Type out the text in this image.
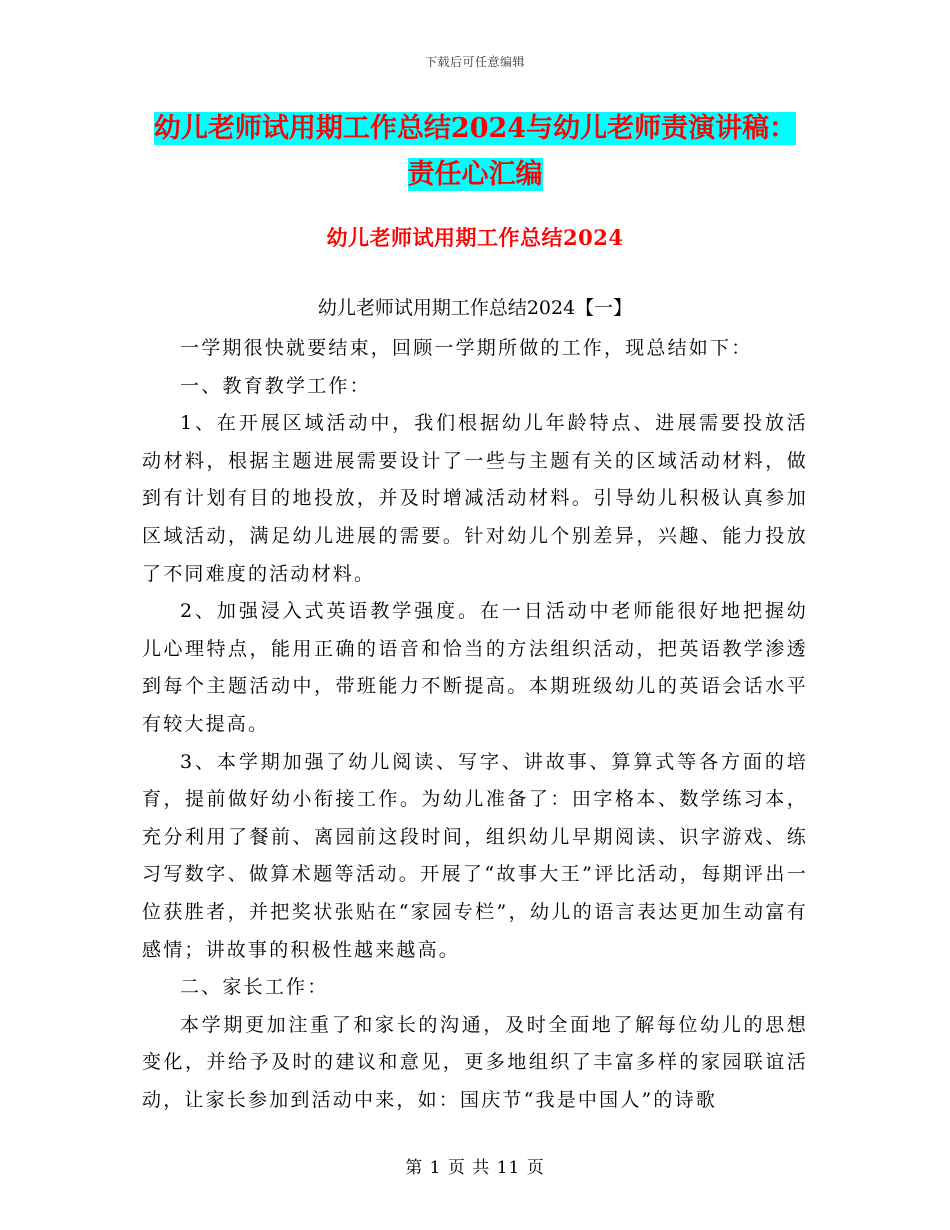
下载后可任意编辑
幼儿老师试用期工作总结2024与幼儿老师责演讲稿：
责任心汇编
幼儿老师试用期工作总结2024
幼儿老师试用期工作总结2024【一】

一学期很快就要结束，回顾一学期所做的工作，现总结如下：

一、教育教学工作：

1、在开展区域活动中，我们根据幼儿年龄特点、进展需要投放活动材料，根据主题进展需要设计了一些与主题有关的区域活动材料，做到有计划有目的地投放，并及时增减活动材料。引导幼儿积极认真参加区域活动，满足幼儿进展的需要。针对幼儿个别差异，兴趣、能力投放了不同难度的活动材料。

2、加强浸入式英语教学强度。在一日活动中老师能很好地把握幼儿心理特点，能用正确的语音和恰当的方法组织活动，把英语教学渗透到每个主题活动中，带班能力不断提高。本期班级幼儿的英语会话水平有较大提高。

3、本学期加强了幼儿阅读、写字、讲故事、算算式等各方面的培育，提前做好幼小衔接工作。为幼儿准备了：田字格本、数学练习本，充分利用了餐前、离园前这段时间，组织幼儿早期阅读、识字游戏、练习写数字、做算术题等活动。开展了“故事大王”评比活动，每期评出一位获胜者，并把奖状张贴在“家园专栏”，幼儿的语言表达更加生动富有感情；讲故事的积极性越来越高。

二、家长工作：

本学期更加注重了和家长的沟通，及时全面地了解每位幼儿的思想变化，并给予及时的建议和意见，更多地组织了丰富多样的家园联谊活动，让家长参加到活动中来，如：国庆节“我是中国人”的诗歌

第 1 页 共 11 页
